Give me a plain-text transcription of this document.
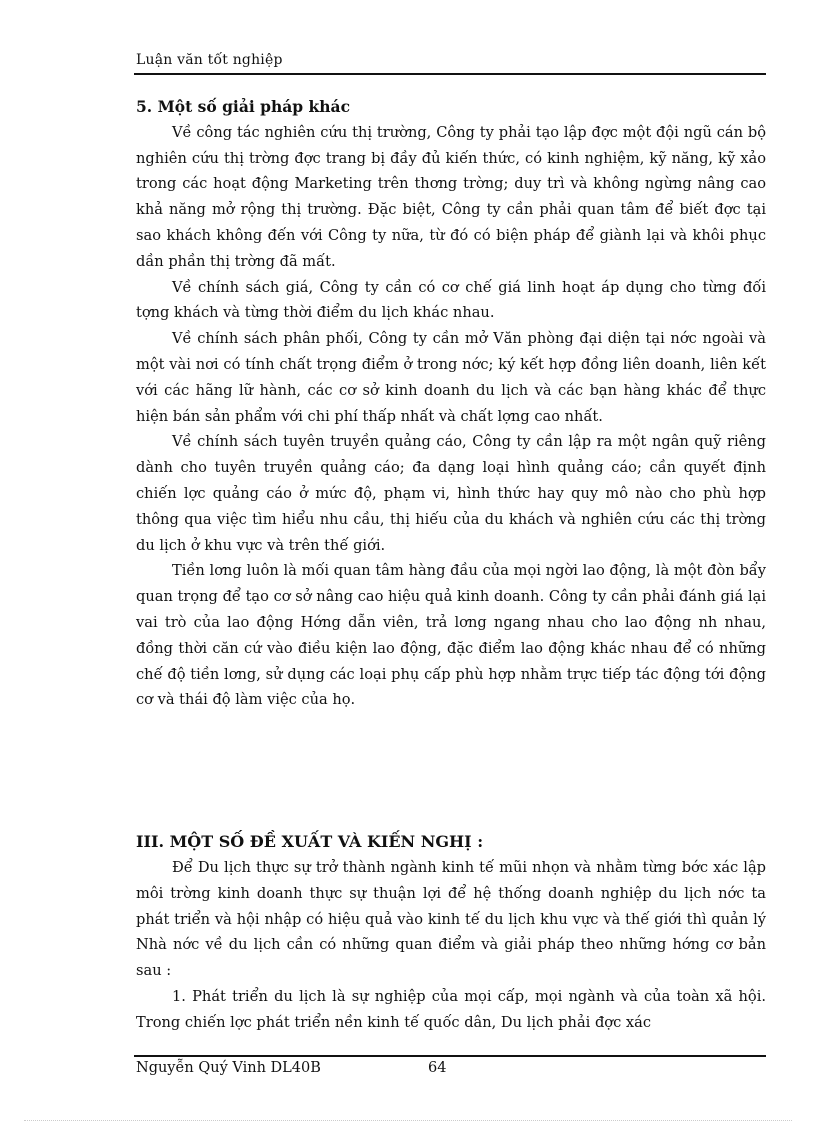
Luận văn tốt nghiệp
5. Một số giải pháp khác

Về công tác nghiên cứu thị trường, Công ty phải tạo lập đợc một đội ngũ cán bộ nghiên cứu thị trờng đợc trang bị đầy đủ kiến thức, có kinh nghiệm, kỹ năng, kỹ xảo trong các hoạt động Marketing trên thơng trờng; duy trì và không ngừng nâng cao khả năng mở rộng thị trường. Đặc biệt, Công ty cần phải quan tâm để biết đợc tại sao khách không đến với Công ty nữa, từ đó có biện pháp để giành lại và khôi phục dần phần thị trờng đã mất.

Về chính sách giá, Công ty cần có cơ chế giá linh hoạt áp dụng cho từng đối tợng khách và từng thời điểm du lịch khác nhau.

Về chính sách phân phối, Công ty cần mở Văn phòng đại diện tại nớc ngoài và một vài nơi có tính chất trọng điểm ở trong nớc; ký kết hợp đồng liên doanh, liên kết với các hãng lữ hành, các cơ sở kinh doanh du lịch và các bạn hàng khác để thực hiện bán sản phẩm với chi phí thấp nhất và chất lợng cao nhất.

Về chính sách tuyên truyền quảng cáo, Công ty cần lập ra một ngân quỹ riêng dành cho tuyên truyền quảng cáo; đa dạng loại hình quảng cáo; cần quyết định chiến lợc quảng cáo ở mức độ, phạm vi, hình thức hay quy mô nào cho phù hợp thông qua việc tìm hiểu nhu cầu, thị hiếu của du khách và nghiên cứu các thị trờng du lịch ở khu vực và trên thế giới.

Tiền lơng luôn là mối quan tâm hàng đầu của mọi ngời lao động, là một đòn bẩy quan trọng để tạo cơ sở nâng cao hiệu quả kinh doanh. Công ty cần phải đánh giá lại vai trò của lao động Hớng dẫn viên, trả lơng ngang nhau cho lao động nh nhau, đồng thời căn cứ vào điều kiện lao động, đặc điểm lao động khác nhau để có những chế độ tiền lơng, sử dụng các loại phụ cấp phù hợp nhằm trực tiếp tác động tới động cơ và thái độ làm việc của họ.

III. MỘT SỐ ĐỀ XUẤT VÀ KIẾN NGHỊ :

Để Du lịch thực sự trở thành ngành kinh tế mũi nhọn và nhằm từng bớc xác lập môi trờng kinh doanh thực sự thuận lợi để hệ thống doanh nghiệp du lịch nớc ta phát triển và hội nhập có hiệu quả vào kinh tế du lịch khu vực và thế giới thì quản lý Nhà nớc về du lịch cần có những quan điểm và giải pháp theo những hớng cơ bản sau :

1. Phát triển du lịch là sự nghiệp của mọi cấp, mọi ngành và của toàn xã hội. Trong chiến lợc phát triển nền kinh tế quốc dân, Du lịch phải đợc xác

Nguyễn Quý Vinh DL40B	64
